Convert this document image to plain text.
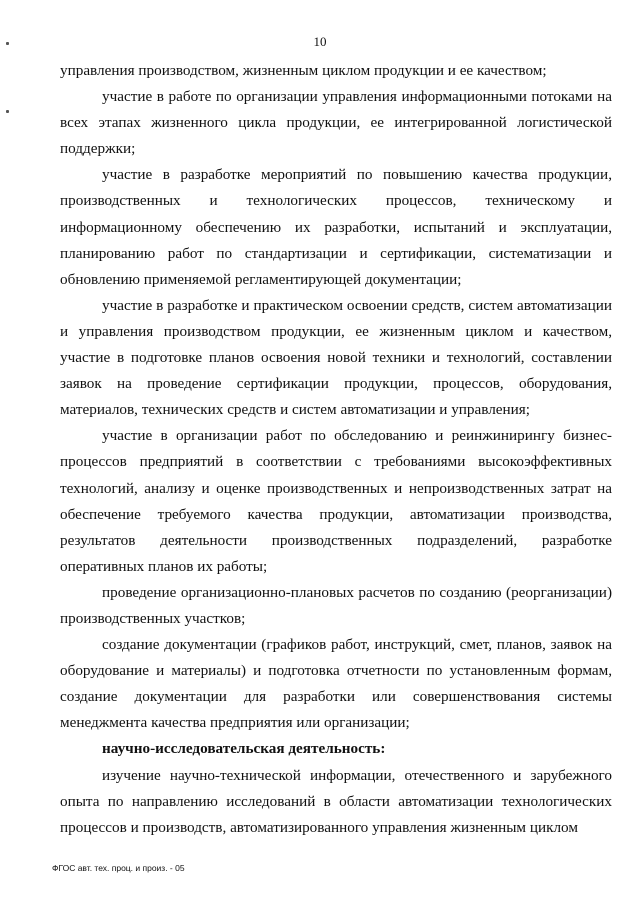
10

управления производством, жизненным циклом продукции и ее качеством;

участие в работе по организации управления информационными потоками на всех этапах жизненного цикла продукции, ее интегрированной логистической поддержки;

участие в разработке мероприятий по повышению качества продукции, производственных и технологических процессов, техническому и информационному обеспечению их разработки, испытаний и эксплуатации, планированию работ по стандартизации и сертификации, систематизации и обновлению применяемой регламентирующей документации;

участие в разработке и практическом освоении средств, систем автоматизации и управления производством продукции, ее жизненным циклом и качеством, участие в подготовке планов освоения новой техники и технологий, составлении заявок на проведение сертификации продукции, процессов, оборудования, материалов, технических средств и систем автоматизации и управления;

участие в организации работ по обследованию и реинжинирингу бизнес-процессов предприятий в соответствии с требованиями высокоэффективных технологий, анализу и оценке производственных и непроизводственных затрат на обеспечение требуемого качества продукции, автоматизации производства, результатов деятельности производственных подразделений, разработке оперативных планов их работы;

проведение организационно-плановых расчетов по созданию (реорганизации) производственных участков;

создание документации (графиков работ, инструкций, смет, планов, заявок на оборудование и материалы) и подготовка отчетности по установленным формам, создание документации для разработки или совершенствования системы менеджмента качества предприятия или организации;

научно-исследовательская деятельность:

изучение научно-технической информации, отечественного и зарубежного опыта по направлению исследований в области автоматизации технологических процессов и производств, автоматизированного управления жизненным циклом

ФГОС авт. тех. проц. и произ. - 05
